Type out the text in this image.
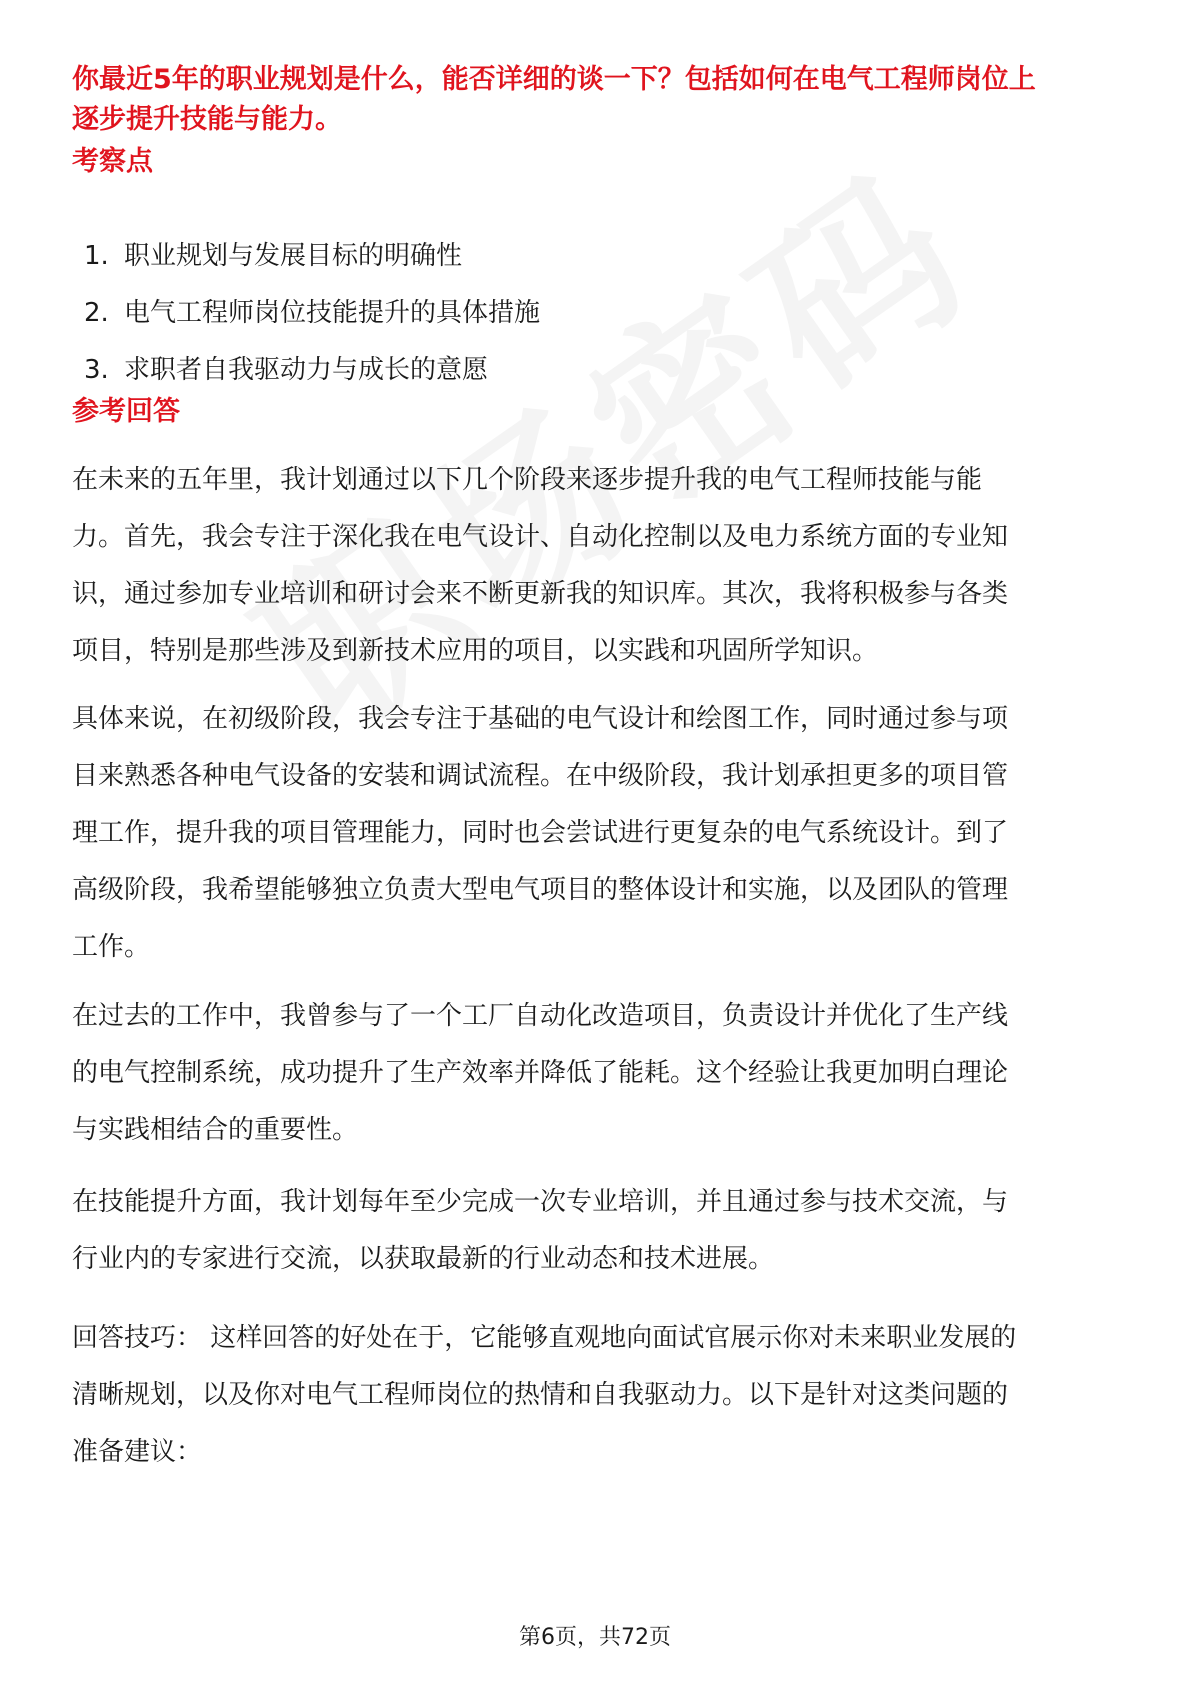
你最近5年的职业规划是什么，能否详细的谈一下？包括如何在电气工程师岗位上
逐步提升技能与能力。
考察点
1. 职业规划与发展目标的明确性
2. 电气工程师岗位技能提升的具体措施
3. 求职者自我驱动力与成长的意愿
参考回答
在未来的五年里，我计划通过以下几个阶段来逐步提升我的电气工程师技能与能
力。首先，我会专注于深化我在电气设计、自动化控制以及电力系统方面的专业知
识，通过参加专业培训和研讨会来不断更新我的知识库。其次，我将积极参与各类
项目，特别是那些涉及到新技术应用的项目，以实践和巩固所学知识。
具体来说，在初级阶段，我会专注于基础的电气设计和绘图工作，同时通过参与项
目来熟悉各种电气设备的安装和调试流程。在中级阶段，我计划承担更多的项目管
理工作，提升我的项目管理能力，同时也会尝试进行更复杂的电气系统设计。到了
高级阶段，我希望能够独立负责大型电气项目的整体设计和实施，以及团队的管理
工作。
在过去的工作中，我曾参与了一个工厂自动化改造项目，负责设计并优化了生产线
的电气控制系统，成功提升了生产效率并降低了能耗。这个经验让我更加明白理论
与实践相结合的重要性。
在技能提升方面，我计划每年至少完成一次专业培训，并且通过参与技术交流，与
行业内的专家进行交流，以获取最新的行业动态和技术进展。
回答技巧： 这样回答的好处在于，它能够直观地向面试官展示你对未来职业发展的
清晰规划，以及你对电气工程师岗位的热情和自我驱动力。以下是针对这类问题的
准备建议：
第6页，共72页
